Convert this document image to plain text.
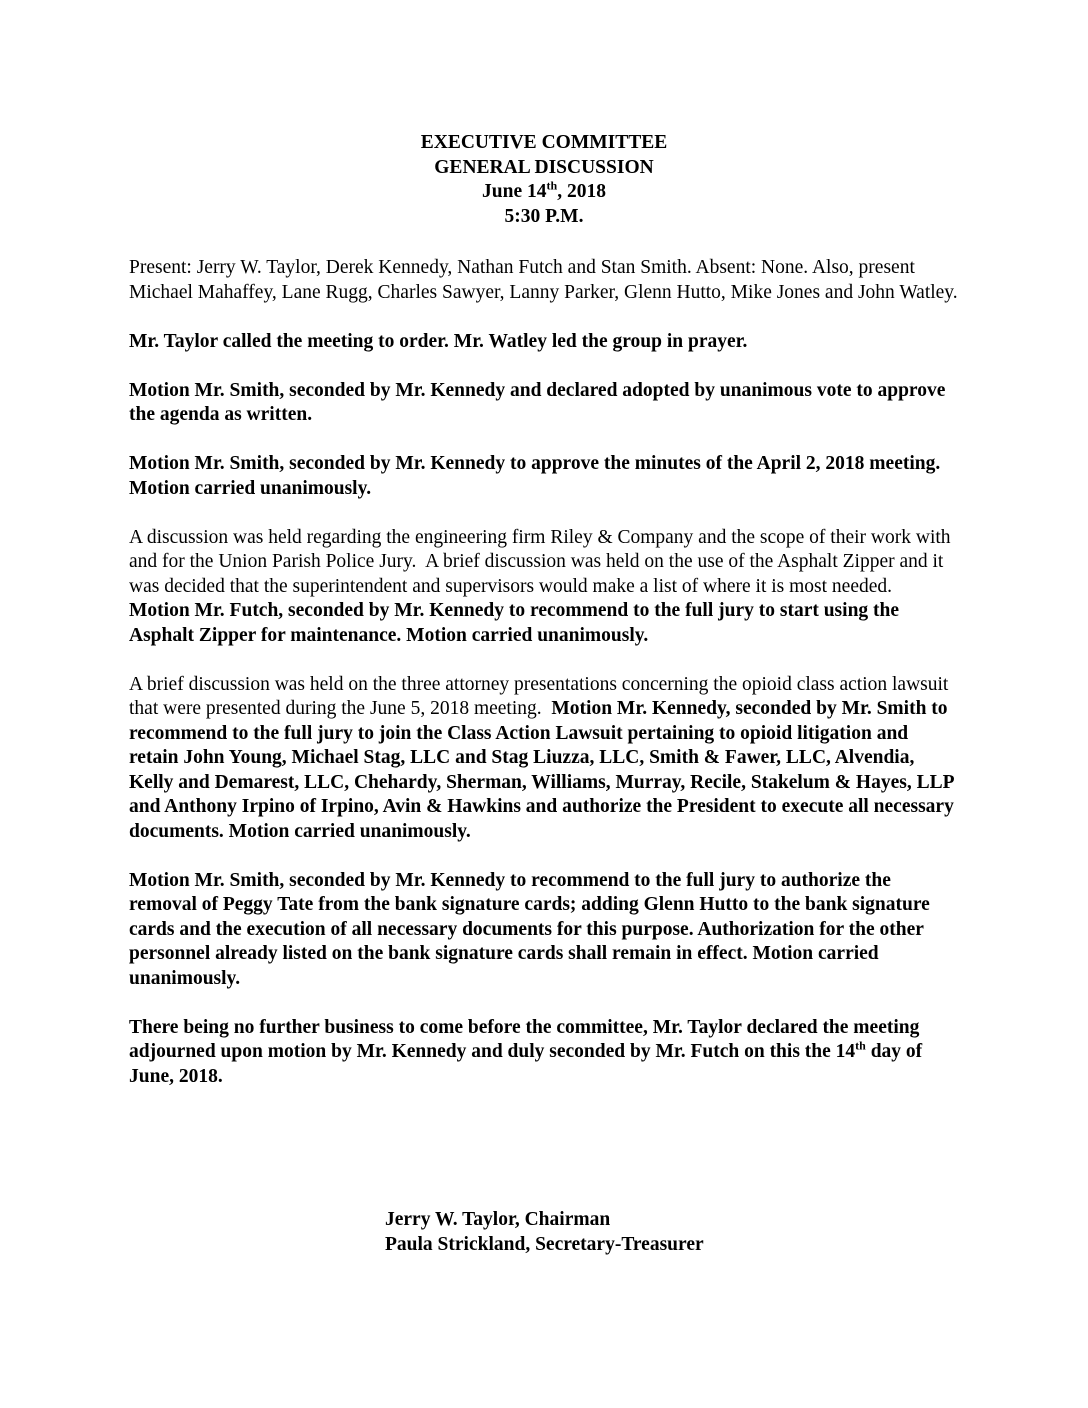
EXECUTIVE COMMITTEE
GENERAL DISCUSSION
June 14th, 2018
5:30 P.M.

Present: Jerry W. Taylor, Derek Kennedy, Nathan Futch and Stan Smith. Absent: None. Also, present Michael Mahaffey, Lane Rugg, Charles Sawyer, Lanny Parker, Glenn Hutto, Mike Jones and John Watley.

Mr. Taylor called the meeting to order. Mr. Watley led the group in prayer.

Motion Mr. Smith, seconded by Mr. Kennedy and declared adopted by unanimous vote to approve the agenda as written.

Motion Mr. Smith, seconded by Mr. Kennedy to approve the minutes of the April 2, 2018 meeting. Motion carried unanimously.

A discussion was held regarding the engineering firm Riley & Company and the scope of their work with and for the Union Parish Police Jury.  A brief discussion was held on the use of the Asphalt Zipper and it was decided that the superintendent and supervisors would make a list of where it is most needed.    Motion Mr. Futch, seconded by Mr. Kennedy to recommend to the full jury to start using the Asphalt Zipper for maintenance. Motion carried unanimously.

A brief discussion was held on the three attorney presentations concerning the opioid class action lawsuit that were presented during the June 5, 2018 meeting.  Motion Mr. Kennedy, seconded by Mr. Smith to recommend to the full jury to join the Class Action Lawsuit pertaining to opioid litigation and retain John Young, Michael Stag, LLC and Stag Liuzza, LLC, Smith & Fawer, LLC, Alvendia, Kelly and Demarest, LLC, Chehardy, Sherman, Williams, Murray, Recile, Stakelum & Hayes, LLP and Anthony Irpino of Irpino, Avin & Hawkins and authorize the President to execute all necessary documents. Motion carried unanimously.

Motion Mr. Smith, seconded by Mr. Kennedy to recommend to the full jury to authorize the removal of Peggy Tate from the bank signature cards; adding Glenn Hutto to the bank signature cards and the execution of all necessary documents for this purpose. Authorization for the other personnel already listed on the bank signature cards shall remain in effect. Motion carried unanimously.

There being no further business to come before the committee, Mr. Taylor declared the meeting adjourned upon motion by Mr. Kennedy and duly seconded by Mr. Futch on this the 14th day of June, 2018.

Jerry W. Taylor, Chairman
Paula Strickland, Secretary-Treasurer
